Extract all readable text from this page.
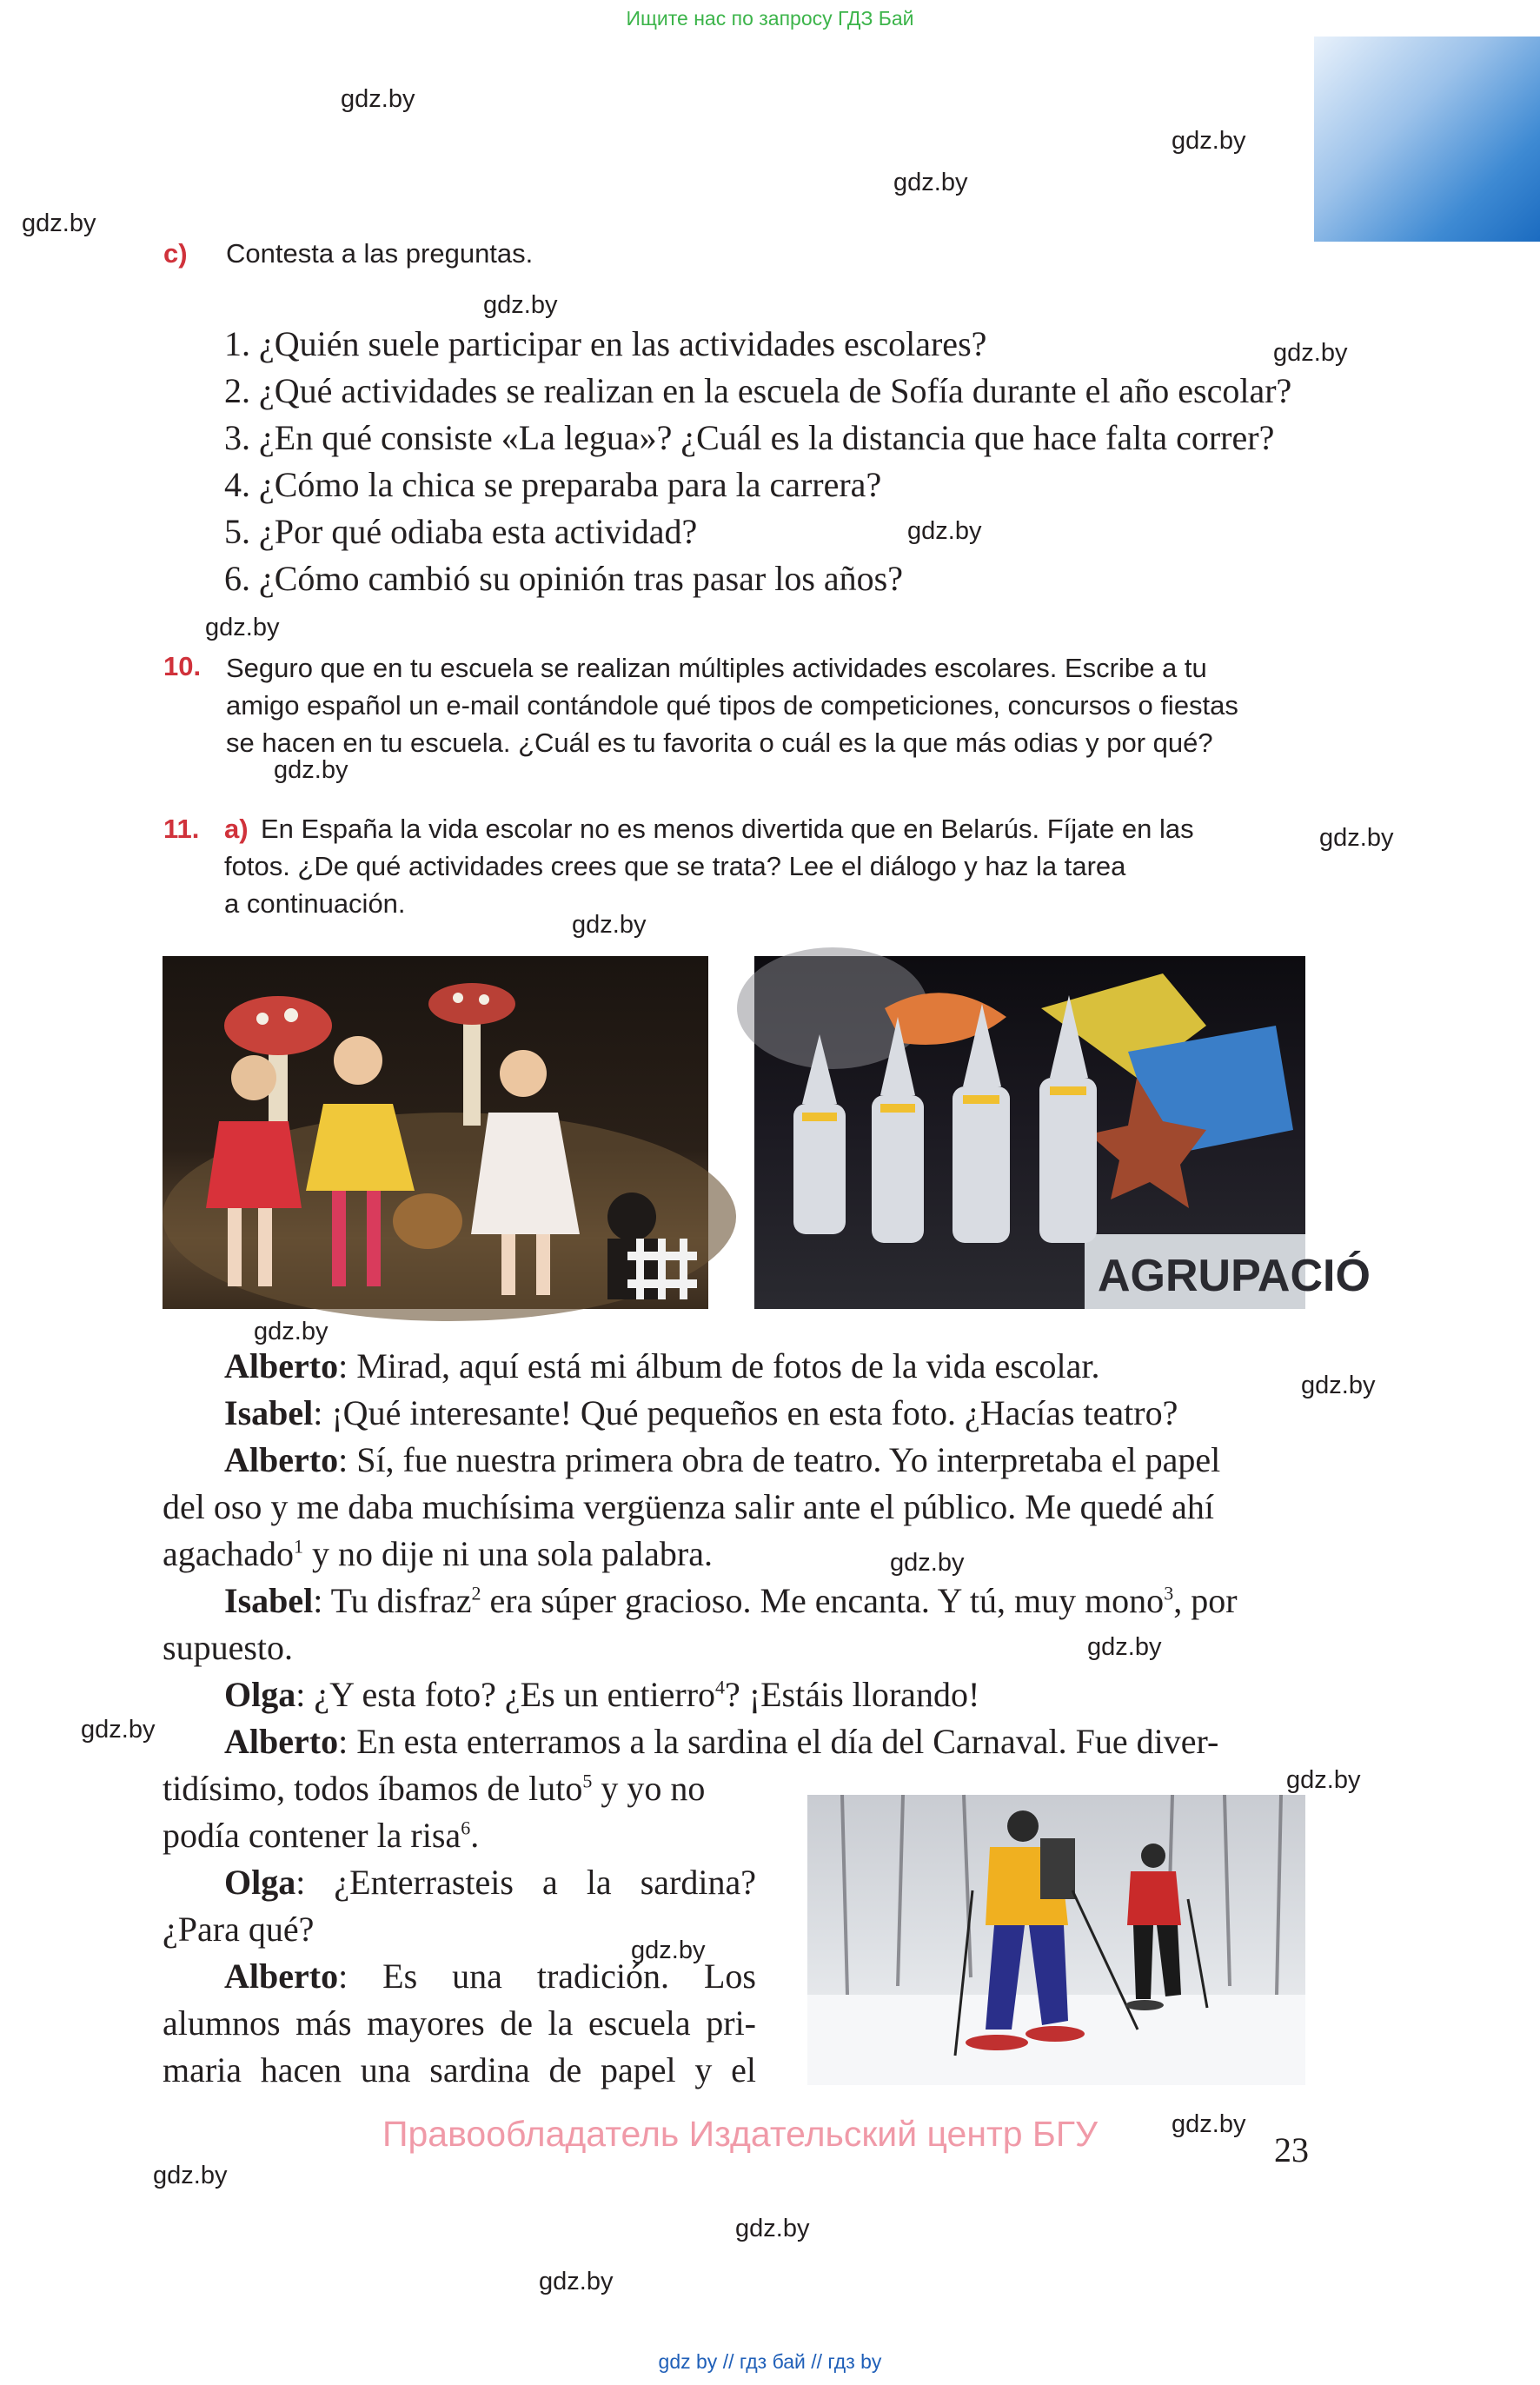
Ищите нас по запросу ГДЗ Бай
gdz.by
gdz.by
gdz.by
gdz.by
gdz.by
gdz.by
gdz.by
gdz.by
gdz.by
gdz.by
gdz.by
gdz.by
gdz.by
gdz.by
gdz.by
gdz.by
gdz.by
gdz.by
gdz.by
gdz.by
gdz.by
gdz.by
c) Contesta a las preguntas.
1. ¿Quién suele participar en las actividades escolares?
2. ¿Qué actividades se realizan en la escuela de Sofía durante el año escolar?
3. ¿En qué consiste «La legua»? ¿Cuál es la distancia que hace falta correr?
4. ¿Cómo la chica se preparaba para la carrera?
5. ¿Por qué odiaba esta actividad?
6. ¿Cómo cambió su opinión tras pasar los años?
10. Seguro que en tu escuela se realizan múltiples actividades escolares. Escribe a tu
amigo español un e-mail contándole qué tipos de competiciones, concursos o fiestas
se hacen en tu escuela. ¿Cuál es tu favorita o cuál es la que más odias y por qué?
11. a) En España la vida escolar no es menos divertida que en Belarús. Fíjate en las
fotos. ¿De qué actividades crees que se trata? Lee el diálogo y haz la tarea
a continuación.
AGRUPACIÓ
Alberto: Mirad, aquí está mi álbum de fotos de la vida escolar.
Isabel: ¡Qué interesante! Qué pequeños en esta foto. ¿Hacías teatro?
Alberto: Sí, fue nuestra primera obra de teatro. Yo interpretaba el papel
del oso y me daba muchísima vergüenza salir ante el público. Me quedé ahí
agachado$^1$ y no dije ni una sola palabra.
Isabel: Tu disfraz$^2$ era súper gracioso. Me encanta. Y tú, muy mono$^3$, por
supuesto.
Olga: ¿Y esta foto? ¿Es un entierro$^4$? ¡Estáis llorando!
Alberto: En esta enterramos a la sardina el día del Carnaval. Fue diver-
tidísimo, todos íbamos de luto$^5$ y yo no
podía contener la risa$^6$.
Olga: ¿Enterrasteis a la sardina?
¿Para qué?
Alberto: Es una tradición. Los
alumnos más mayores de la escuela pri-
maria hacen una sardina de papel y el
Правообладатель Издательский центр БГУ	23
gdz by // гдз бай // гдз by
